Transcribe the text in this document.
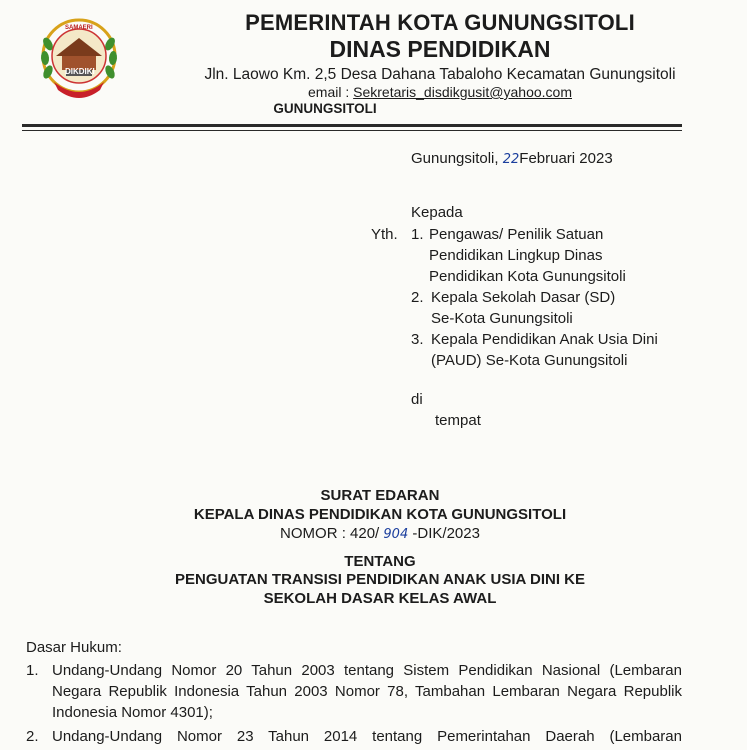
SAMAERI
DIKDIKI
PEMERINTAH KOTA GUNUNGSITOLI
DINAS PENDIDIKAN
Jln. Laowo Km. 2,5 Desa Dahana Tabaloho Kecamatan Gunungsitoli
email : Sekretaris_disdikgusit@yahoo.com
GUNUNGSITOLI
Gunungsitoli, 22Februari 2023
Kepada
Yth. 1. Pengawas/ Penilik Satuan
Pendidikan Lingkup Dinas
Pendidikan Kota Gunungsitoli
2. Kepala Sekolah Dasar (SD)
Se-Kota Gunungsitoli
3. Kepala Pendidikan Anak Usia Dini
(PAUD) Se-Kota Gunungsitoli
di
tempat
SURAT EDARAN
KEPALA DINAS PENDIDIKAN KOTA GUNUNGSITOLI
NOMOR : 420/ 904 -DIK/2023
TENTANG
PENGUATAN TRANSISI PENDIDIKAN ANAK USIA DINI KE
SEKOLAH DASAR KELAS AWAL
Dasar Hukum:
1. Undang-Undang Nomor 20 Tahun 2003 tentang Sistem Pendidikan Nasional (Lembaran Negara Republik Indonesia Tahun 2003 Nomor 78, Tambahan Lembaran Negara Republik Indonesia Nomor 4301);
2. Undang-Undang Nomor 23 Tahun 2014 tentang Pemerintahan Daerah (Lembaran
